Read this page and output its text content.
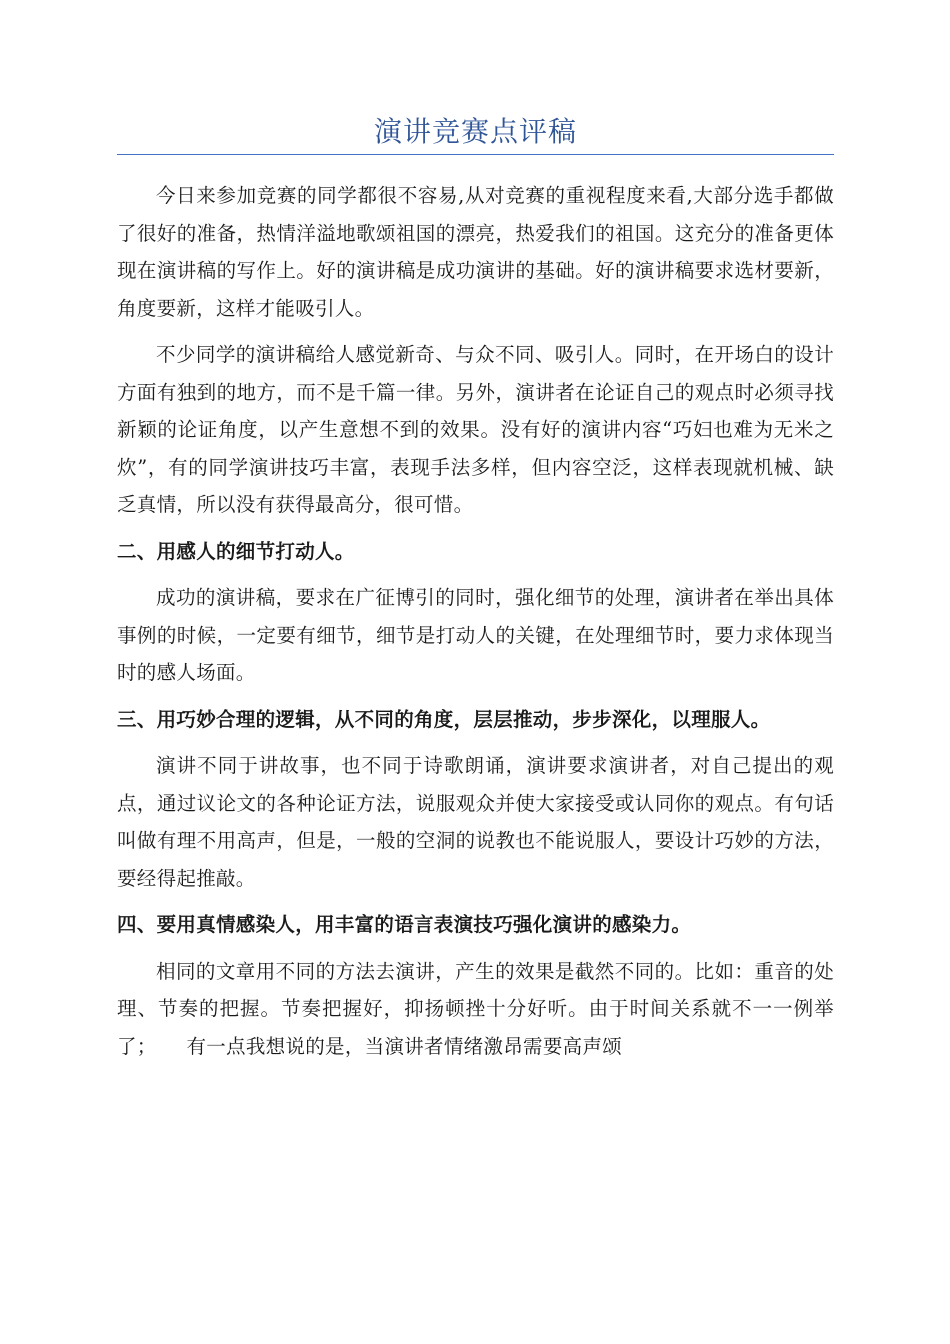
演讲竞赛点评稿

今日来参加竞赛的同学都很不容易,从对竞赛的重视程度来看,大部分选手都做了很好的准备，热情洋溢地歌颂祖国的漂亮，热爱我们的祖国。这充分的准备更体现在演讲稿的写作上。好的演讲稿是成功演讲的基础。好的演讲稿要求选材要新，角度要新，这样才能吸引人。

不少同学的演讲稿给人感觉新奇、与众不同、吸引人。同时，在开场白的设计方面有独到的地方，而不是千篇一律。另外，演讲者在论证自己的观点时必须寻找新颖的论证角度，以产生意想不到的效果。没有好的演讲内容“巧妇也难为无米之炊”，有的同学演讲技巧丰富，表现手法多样，但内容空泛，这样表现就机械、缺乏真情，所以没有获得最高分，很可惜。

二、用感人的细节打动人。

成功的演讲稿，要求在广征博引的同时，强化细节的处理，演讲者在举出具体事例的时候，一定要有细节，细节是打动人的关键，在处理细节时，要力求体现当时的感人场面。

三、用巧妙合理的逻辑，从不同的角度，层层推动，步步深化，以理服人。

演讲不同于讲故事，也不同于诗歌朗诵，演讲要求演讲者，对自己提出的观点，通过议论文的各种论证方法，说服观众并使大家接受或认同你的观点。有句话叫做有理不用高声，但是，一般的空洞的说教也不能说服人，要设计巧妙的方法，要经得起推敲。

四、要用真情感染人，用丰富的语言表演技巧强化演讲的感染力。

相同的文章用不同的方法去演讲，产生的效果是截然不同的。比如：重音的处理、节奏的把握。节奏把握好，抑扬顿挫十分好听。由于时间关系就不一一例举了；　　有一点我想说的是，当演讲者情绪激昂需要高声颂
